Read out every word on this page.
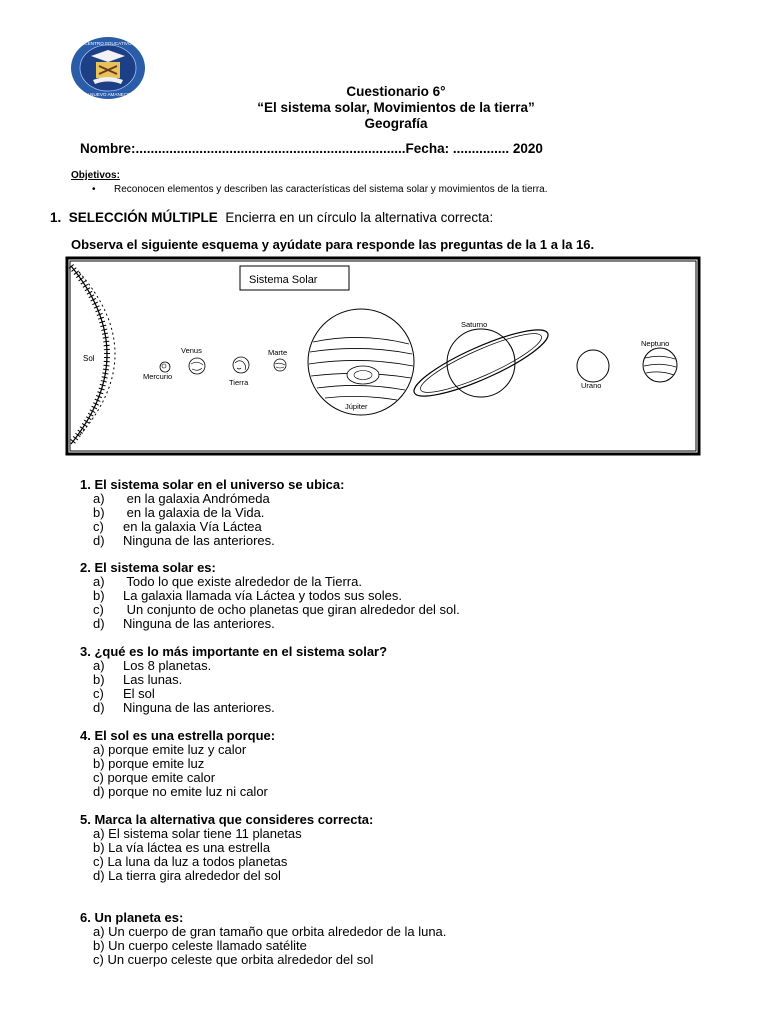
CENTRO EDUCATIVO
EN NUEVO AMANECER	Cuestionario 6°
“El sistema solar, Movimientos de la tierra”
Geografía
Nombre:........................................................................Fecha: ............... 2020
Objetivos:
• Reconocen elementos y describen las características del sistema solar y movimientos de la tierra.
1. SELECCIÓN MÚLTIPLE Encierra en un círculo la alternativa correcta:
Observa el siguiente esquema y ayúdate para responde las preguntas de la 1 a la 16.
Sol
Sistema Solar
Mercurio
Venus
Tierra
Marte
Júpiter
Saturno
Urano
Neptuno
1. El sistema solar en el universo se ubica:
a) en la galaxia Andrómeda
b) en la galaxia de la Vida.
c) en la galaxia Vía Láctea
d) Ninguna de las anteriores.
2. El sistema solar es:
a) Todo lo que existe alrededor de la Tierra.
b) La galaxia llamada vía Láctea y todos sus soles.
c) Un conjunto de ocho planetas que giran alrededor del sol.
d) Ninguna de las anteriores.
3. ¿qué es lo más importante en el sistema solar?
a) Los 8 planetas.
b) Las lunas.
c) El sol
d) Ninguna de las anteriores.
4. El sol es una estrella porque:
a) porque emite luz y calor
b) porque emite luz
c) porque emite calor
d) porque no emite luz ni calor
5. Marca la alternativa que consideres correcta:
a) El sistema solar tiene 11 planetas
b) La vía láctea es una estrella
c) La luna da luz a todos planetas
d) La tierra gira alrededor del sol
6. Un planeta es:
a) Un cuerpo de gran tamaño que orbita alrededor de la luna.
b) Un cuerpo celeste llamado satélite
c) Un cuerpo celeste que orbita alrededor del sol
